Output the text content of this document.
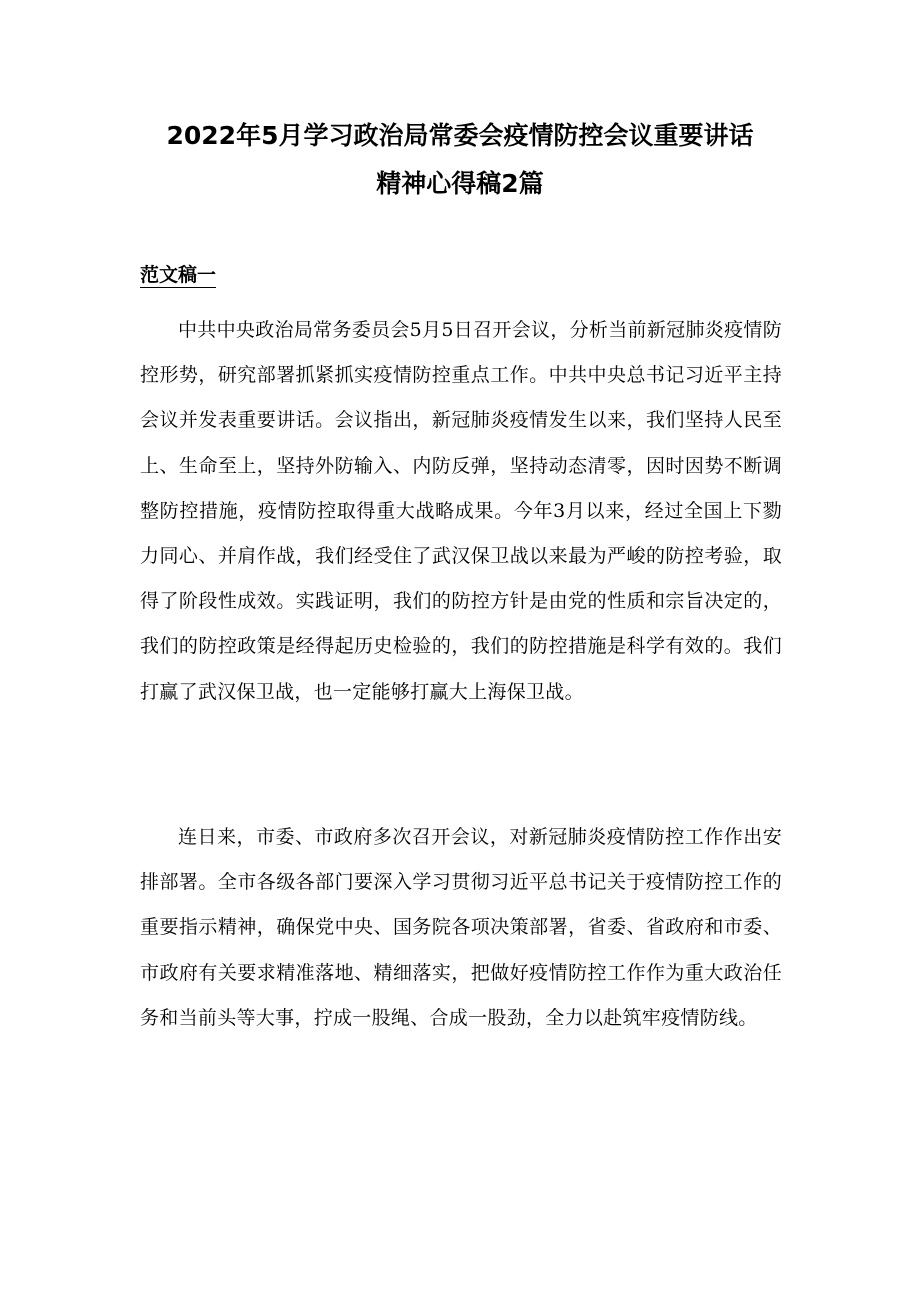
2022年5月学习政治局常委会疫情防控会议重要讲话
精神心得稿2篇
范文稿一

中共中央政治局常务委员会5月5日召开会议，分析当前新冠肺炎疫情防控形势，研究部署抓紧抓实疫情防控重点工作。中共中央总书记习近平主持会议并发表重要讲话。会议指出，新冠肺炎疫情发生以来，我们坚持人民至上、生命至上，坚持外防输入、内防反弹，坚持动态清零，因时因势不断调整防控措施，疫情防控取得重大战略成果。今年3月以来，经过全国上下勠力同心、并肩作战，我们经受住了武汉保卫战以来最为严峻的防控考验，取得了阶段性成效。实践证明，我们的防控方针是由党的性质和宗旨决定的，我们的防控政策是经得起历史检验的，我们的防控措施是科学有效的。我们打赢了武汉保卫战，也一定能够打赢大上海保卫战。

连日来，市委、市政府多次召开会议，对新冠肺炎疫情防控工作作出安排部署。全市各级各部门要深入学习贯彻习近平总书记关于疫情防控工作的重要指示精神，确保党中央、国务院各项决策部署，省委、省政府和市委、市政府有关要求精准落地、精细落实，把做好疫情防控工作作为重大政治任务和当前头等大事，拧成一股绳、合成一股劲，全力以赴筑牢疫情防线。
